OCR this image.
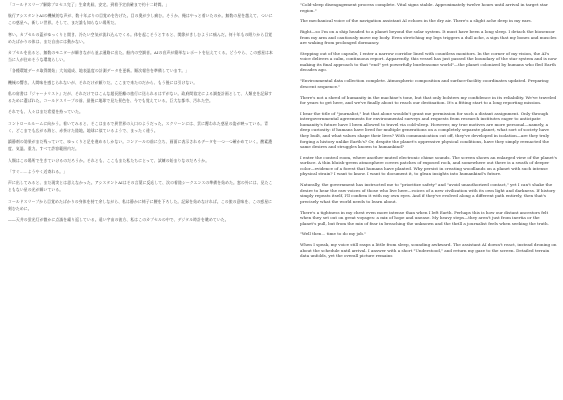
「コールドスリープ解除プロセス完了」生命兆候、安定。到着予定前確まで約十二時間。」

航行アシスタントAIの機械的な声が、数十年ぶりの目覚めを告げた。目の奥が少し痛む。そうか、俺はやっと着いたのか。無数の星を越えて、ついにこの惑星へ。新しい世界。そして、まだ誰も知らない場所だ。

寒い。カプセルの蓋がゆっくりと開き、冷たい空気が流れ込んでくる。体を起こそうとすると、関節がきしむように痛んだ。何十年もの眠りから目覚めたばかりの体は、まだ自由には動かない。

カプセルを出ると、無数のモニターが瞬きながら並ぶ通路に出た。船内の空調音。AIの音声が簡単なレポートを伝えてくる。どうやら、この惑星は本当に人が住めそうな環境らしい。

「各種環境データ取得開始」大気組成、地表温度の計測データを更新。順次報告を準備しています。」

機械の響き。人間味を感じられないが、それだけが頼りだ。ここまで来たのだから、もう後には引けない。

私の肩書は『ジャーナリスト』だが、それだけではこんな超長距離の旅行に送られるはずがない。政府間協定による調査計画として、人類史を記録するために選ばれた。コールドスリープの前、最後に地球で見た景色を、今でも覚えている。巨大な都市、汚れた空。

それでも、人々はまだ希望を持っていた。

コントロールルームに向かう。着いてみると、そこはまるで異世界の入口のようだった。スクリーンには、雲に覆われた惑星の姿が映っている。青く、どこまでも広がる海と、赤茶けた陸地。地球に似ているようで、まったく違う。

鎮静剤の効果がまだ残っていて、ゆっくりと足を進めるしかない。コンソールの前に立ち、画面に表示されるデータを一つ一つ確かめていく。酸素濃度、気温、重力。すべて許容範囲内だ。

人類はこの場所で生きていけるのだろうか。それとも、ここもまた私たちにとって、試練の始まりなのだろうか。

「すぐ……ようやく近寄れる。」

声に出してみると、まだ現実とは思えなかった。アシスタントAIはその言葉に反応して、次の着陸シークエンスの準備を始めた。窓の外には、見たこともない星の光が瞬いている。

コールドスリープから目覚めたばかりの身体を持て余しながら、私は静かに椅子に腰を下ろした。記録を始めなければ。この旅の意味を、この惑星に刻むために。

――天井の蛍光灯が微かに点滅を繰り返している。遠い宇宙の彼方、私はこのカプセルの中で、デジタル時計を眺めていた。

"Cold-sleep disengagement process complete. Vital signs stable. Approximately twelve hours until arrival in target star region."

The mechanical voice of the navigation assistant AI echoes in the dry air. There's a slight ache deep in my ears.

Right—so I'm on a ship headed to a planet beyond the solar system. It must have been a long sleep. I detach the biosensor from my arm and cautiously move my body. Even stretching my legs triggers a dull ache, a sign that my bones and muscles are waking from prolonged dormancy.

Stepping out of the capsule, I enter a narrow corridor lined with countless monitors. In the corner of my vision, the AI's voice delivers a calm, continuous report. Apparently, this vessel has just passed the boundary of the star system and is now making its final approach to that "end" yet powerfully burdensome world"—the planet colonized by humans who fled Earth decades ago.

"Environmental data collection complete. Atmospheric composition and surface-facility coordinates updated. Preparing descent sequence."

There's not a shred of humanity in the machine's tone, but that only bolsters my confidence in its reliability. We've traveled for years to get here, and we've finally about to reach our destination. It's a fitting start to a long reporting mission.

I bear the title of "journalist," but that alone wouldn't grant me permission for such a distant assignment. Only through intergovernmental agreements for environmental surveys and requests from research institutes eager to anticipate humanity's future have I been allowed to travel via cold-sleep. However, my true motives are more personal—namely, a deep curiosity: if humans have lived for multiple generations on a completely separate planet, what sort of society have they built, and what values shape their lives? With communication cut off, they've developed in isolation—are they truly forging a history unlike Earth's? Or, despite the planet's oppressive physical conditions, have they simply reenacted the same desires and struggles known to humankind?

I enter the control room, where another muted electronic chime sounds. The screen shows an enlarged view of the planet's surface. A thin bluish-green atmosphere covers patches of exposed rock, and somewhere out there is a swath of deeper color—evidence of a forest that humans have planted. Why persist in creating woodlands on a planet with such intense physical strain? I want to know. I want to document it, to glean insights into humankind's future.

Naturally, the government has instructed me to "prioritize safety" and "avoid unauthorized contact," yet I can't shake the desire to hear the raw voices of those who live here—voices of a new civilization with its own light and darkness. If history simply repeats itself, I'll confirm it with my own eyes. And if they've evolved along a different path entirely, then that's precisely what the world needs to learn about.

There's a tightness in my chest even more intense than when I left Earth. Perhaps this is how our distant ancestors felt when they set out on great voyages: a mix of hope and unease. My heavy steps—they aren't just from inertia or the planet's pull, but from the mix of fear in breaching the unknown and the thrill a journalist feels when seeking the truth.

"Well then... time to do my job."

When I speak, my voice still rasps a little from sleep, sounding awkward. The assistant AI doesn't react, instead droning on about the schedule until arrival. I answer with a short "Understood," and return my gaze to the screen. Detailed terrain data unfolds, yet the overall picture remains
